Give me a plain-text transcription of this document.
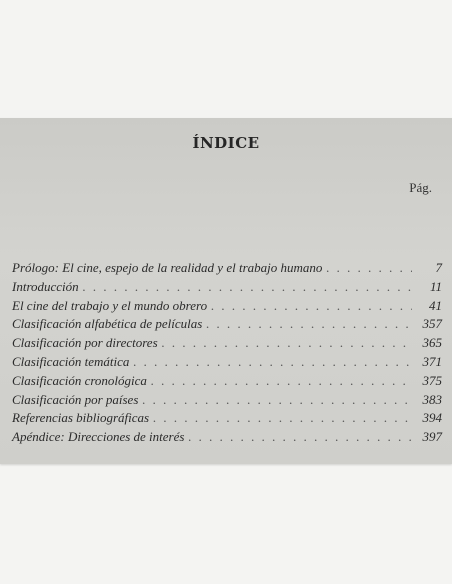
ÍNDICE
Pág.
Prólogo: El cine, espejo de la realidad y el trabajo humano . . .	7
Introducción . . .	11
El cine del trabajo y el mundo obrero . . .	41
Clasificación alfabética de películas . . .	357
Clasificación por directores . . .	365
Clasificación temática . . .	371
Clasificación cronológica . . .	375
Clasificación por países . . .	383
Referencias bibliográficas . . .	394
Apéndice: Direcciones de interés . . .	397
